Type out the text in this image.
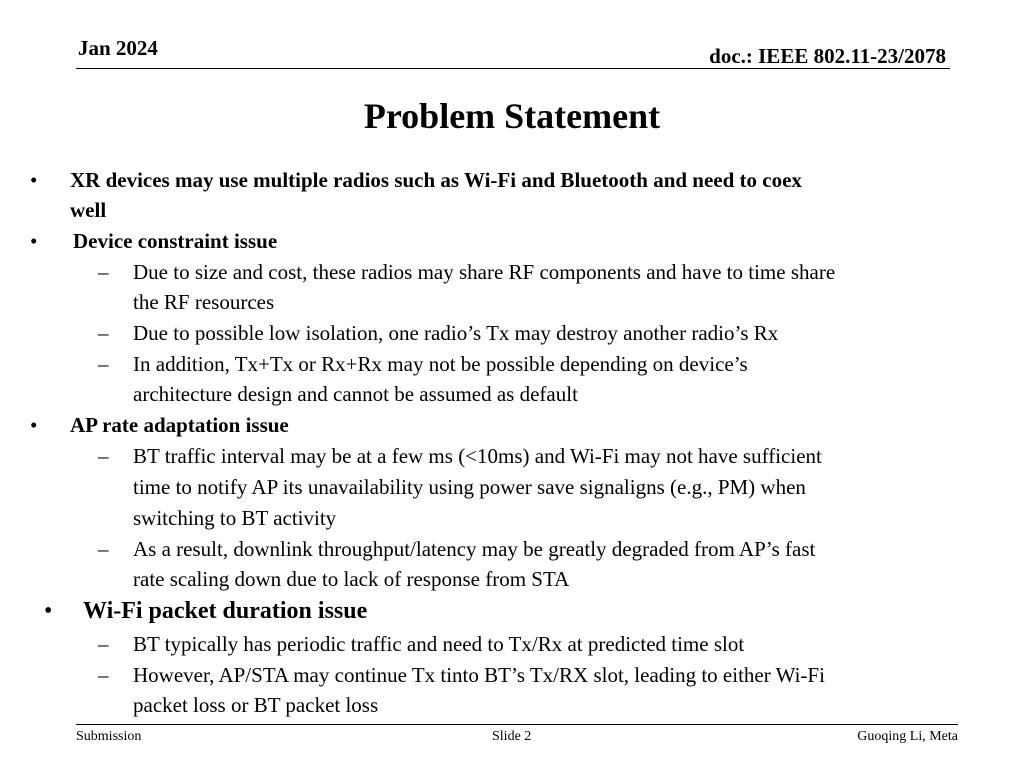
Jan 2024	doc.: IEEE 802.11-23/2078
Problem Statement
• XR devices may use multiple radios such as Wi-Fi and Bluetooth and need to coex
well
• Device constraint issue
– Due to size and cost, these radios may share RF components and have to time share
the RF resources
– Due to possible low isolation, one radio’s Tx may destroy another radio’s Rx
– In addition, Tx+Tx or Rx+Rx may not be possible depending on device’s
architecture design and cannot be assumed as default
• AP rate adaptation issue
– BT traffic interval may be at a few ms (<10ms) and Wi-Fi may not have sufficient
time to notify AP its unavailability using power save signaligns (e.g., PM) when
switching to BT activity
– As a result, downlink throughput/latency may be greatly degraded from AP’s fast
rate scaling down due to lack of response from STA
• Wi-Fi packet duration issue
– BT typically has periodic traffic and need to Tx/Rx at predicted time slot
– However, AP/STA may continue Tx tinto BT’s Tx/RX slot, leading to either Wi-Fi
packet loss or BT packet loss
Submission	Slide 2	Guoqing Li, Meta
